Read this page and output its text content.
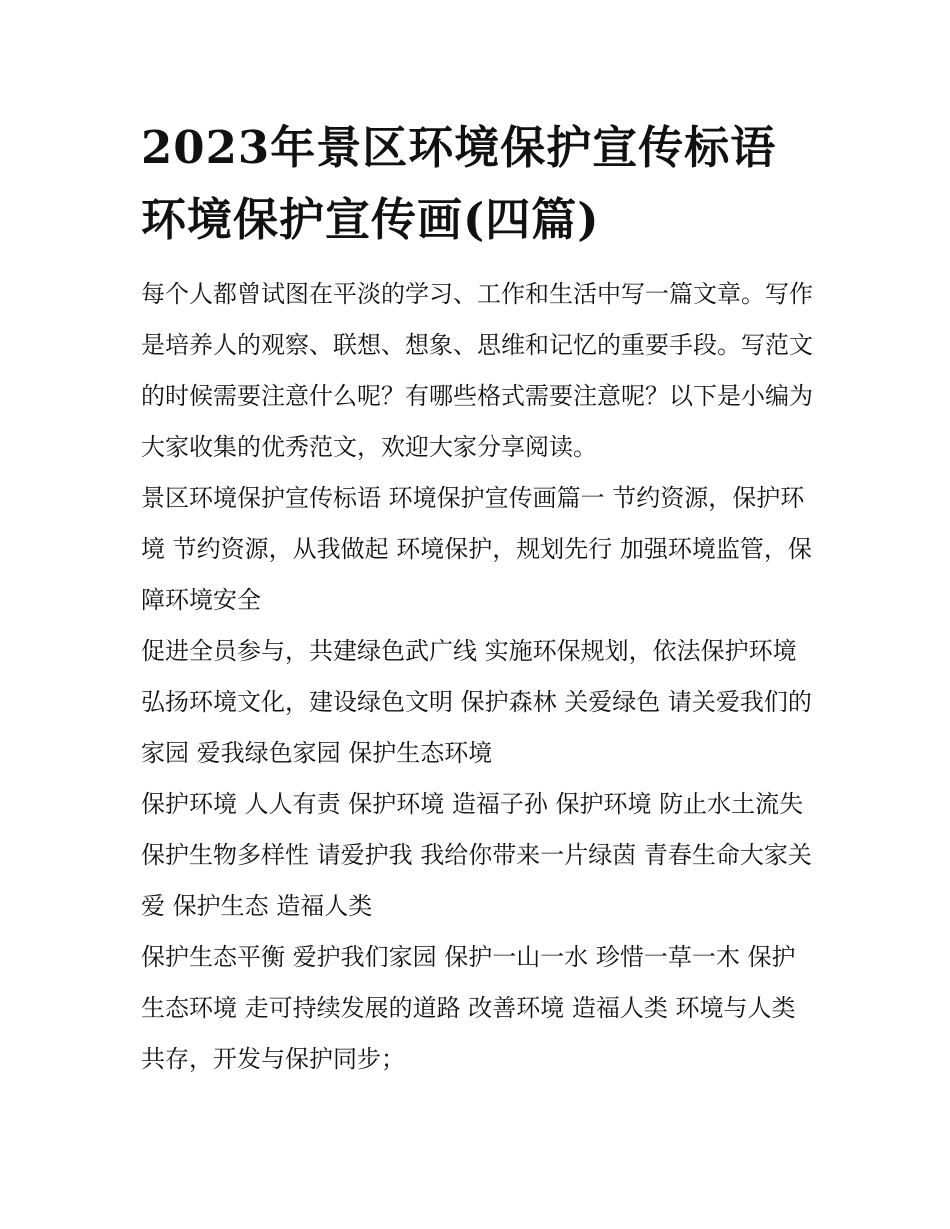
2023年景区环境保护宣传标语
环境保护宣传画(四篇)

每个人都曾试图在平淡的学习、工作和生活中写一篇文章。写作是培养人的观察、联想、想象、思维和记忆的重要手段。写范文的时候需要注意什么呢？有哪些格式需要注意呢？以下是小编为大家收集的优秀范文，欢迎大家分享阅读。

景区环境保护宣传标语 环境保护宣传画篇一 节约资源，保护环境 节约资源，从我做起 环境保护，规划先行 加强环境监管，保障环境安全

促进全员参与，共建绿色武广线 实施环保规划，依法保护环境 弘扬环境文化，建设绿色文明 保护森林 关爱绿色 请关爱我们的家园 爱我绿色家园 保护生态环境

保护环境 人人有责 保护环境 造福子孙 保护环境 防止水土流失 保护生物多样性 请爱护我 我给你带来一片绿茵 青春生命大家关爱 保护生态 造福人类

保护生态平衡 爱护我们家园 保护一山一水 珍惜一草一木 保护生态环境 走可持续发展的道路 改善环境 造福人类 环境与人类共存，开发与保护同步；
